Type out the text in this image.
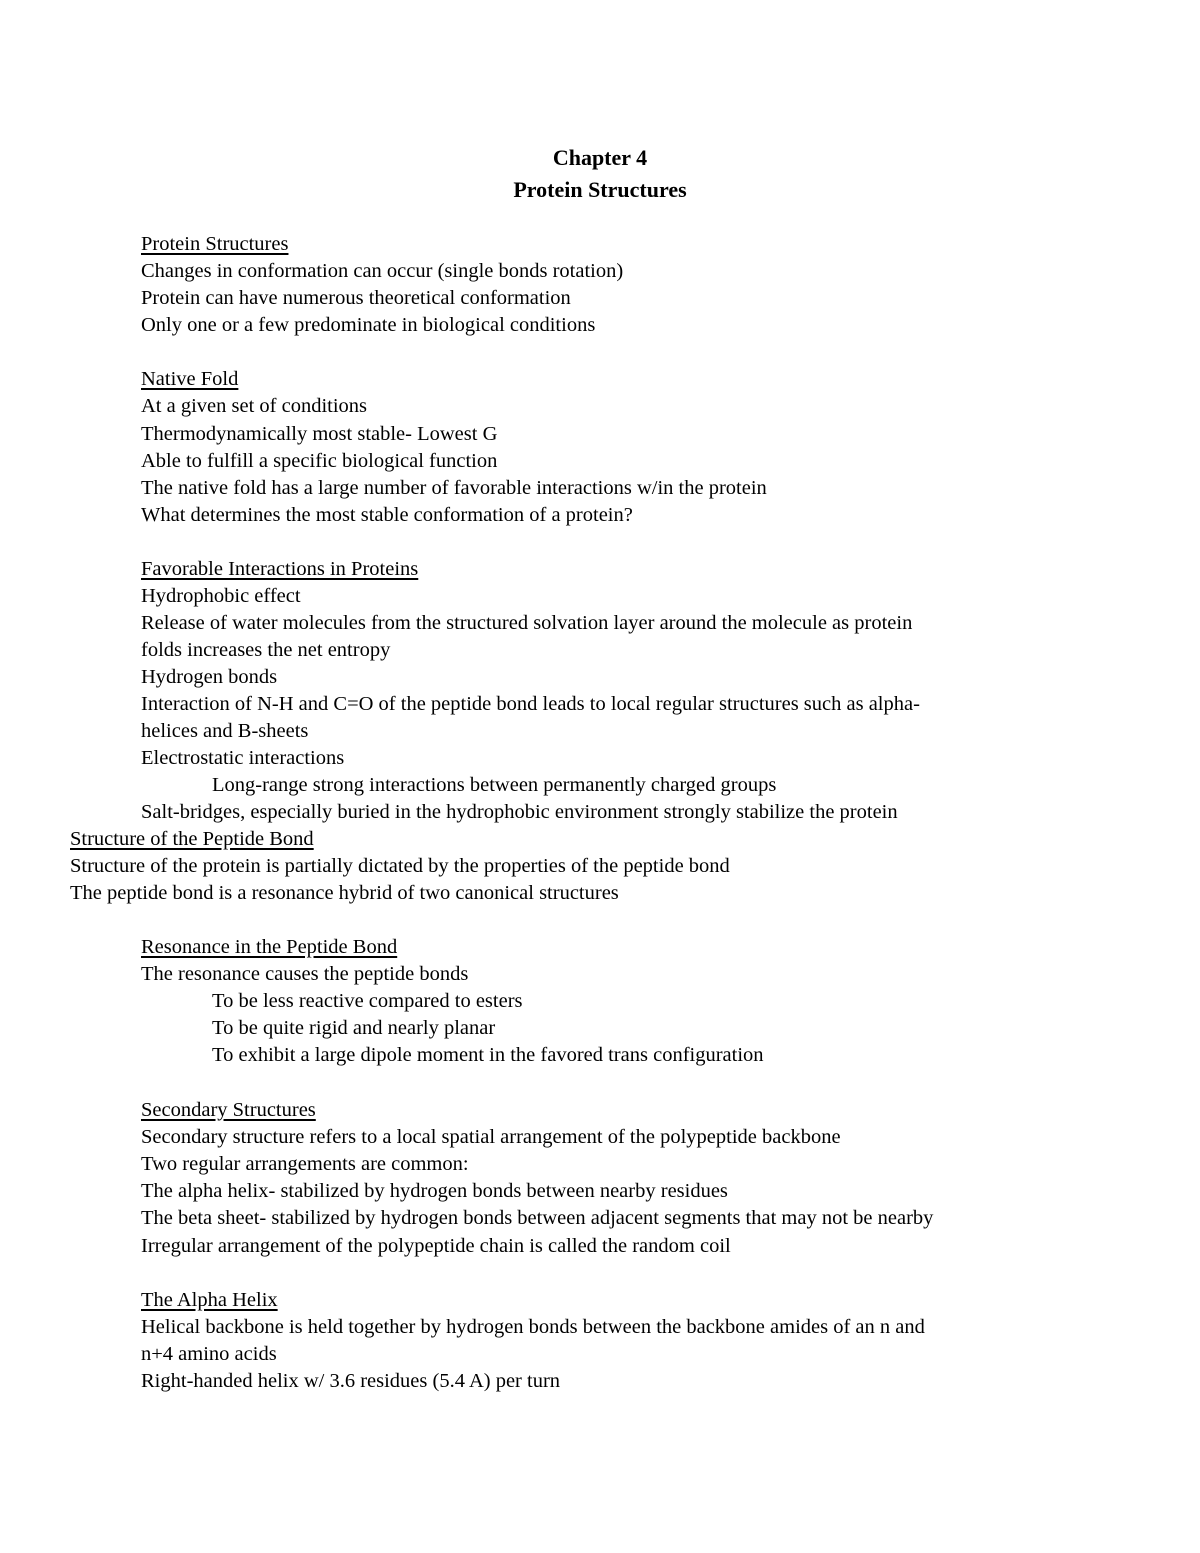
Chapter 4
Protein Structures
Protein Structures
Changes in conformation can occur (single bonds rotation)
Protein can have numerous theoretical conformation
Only one or a few predominate in biological conditions
Native Fold
At a given set of conditions
Thermodynamically most stable- Lowest G
Able to fulfill a specific biological function
The native fold has a large number of favorable interactions w/in the protein
What determines the most stable conformation of a protein?
Favorable Interactions in Proteins
Hydrophobic effect
Release of water molecules from the structured solvation layer around the molecule as protein
folds increases the net entropy
Hydrogen bonds
Interaction of N-H and C=O of the peptide bond leads to local regular structures such as alpha-
helices and B-sheets
Electrostatic interactions
Long-range strong interactions between permanently charged groups
Salt-bridges, especially buried in the hydrophobic environment strongly stabilize the protein
Structure of the Peptide Bond
Structure of the protein is partially dictated by the properties of the peptide bond
The peptide bond is a resonance hybrid of two canonical structures
Resonance in the Peptide Bond
The resonance causes the peptide bonds
To be less reactive compared to esters
To be quite rigid and nearly planar
To exhibit a large dipole moment in the favored trans configuration
Secondary Structures
Secondary structure refers to a local spatial arrangement of the polypeptide backbone
Two regular arrangements are common:
The alpha helix- stabilized by hydrogen bonds between nearby residues
The beta sheet- stabilized by hydrogen bonds between adjacent segments that may not be nearby
Irregular arrangement of the polypeptide chain is called the random coil
The Alpha Helix
Helical backbone is held together by hydrogen bonds between the backbone amides of an n and
n+4 amino acids
Right-handed helix w/ 3.6 residues (5.4 A) per turn
